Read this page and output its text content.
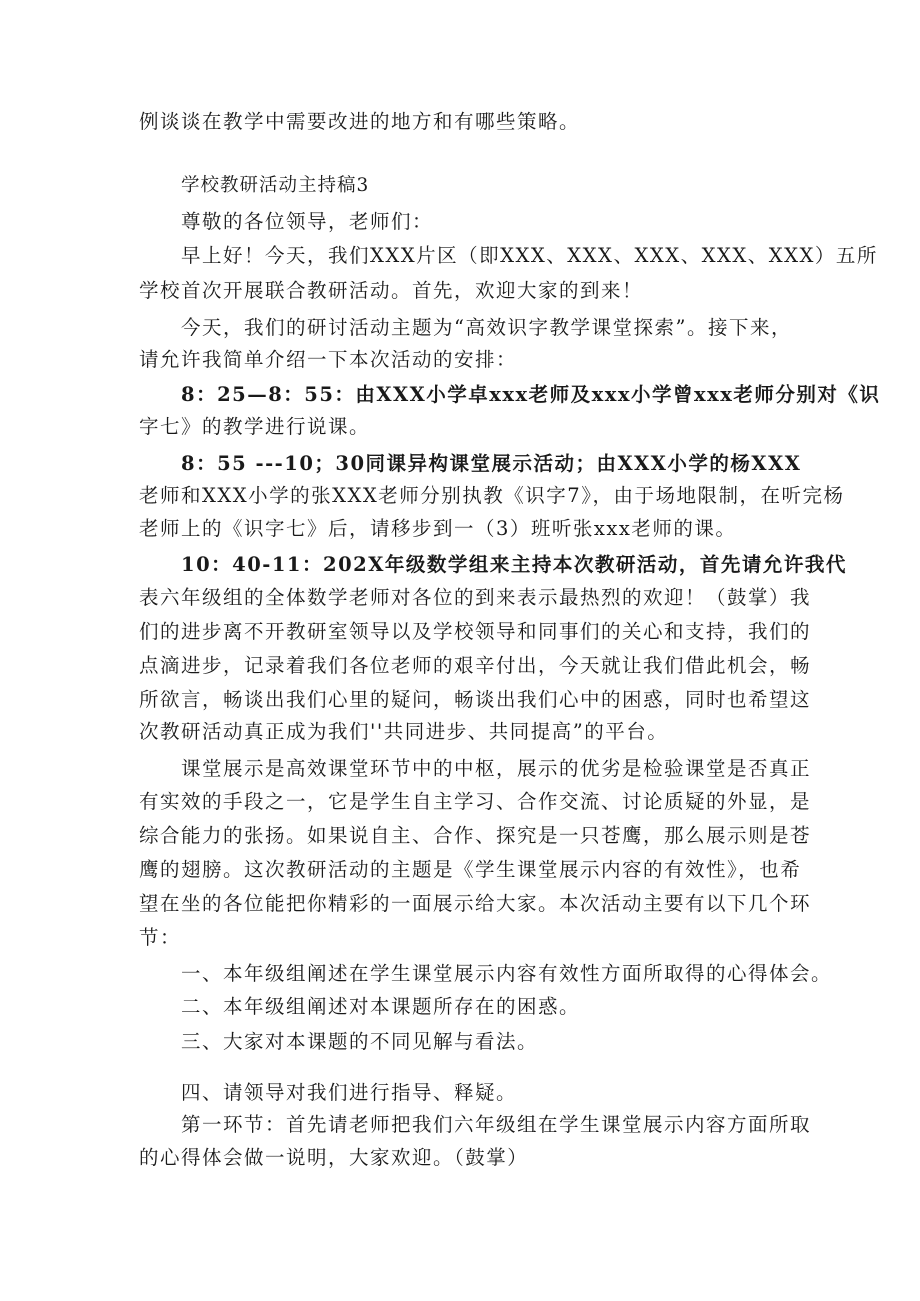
例谈谈在教学中需要改进的地方和有哪些策略。
学校教研活动主持稿3
尊敬的各位领导，老师们：
早上好！今天，我们XXX片区（即XXX、XXX、XXX、XXX、XXX）五所
学校首次开展联合教研活动。首先，欢迎大家的到来！
今天，我们的研讨活动主题为“高效识字教学课堂探索”。接下来，
请允许我简单介绍一下本次活动的安排：
8：25—8：55：由XXX小学卓xxx老师及xxx小学曾xxx老师分别对《识
字七》的教学进行说课。
8：55 ---10；30同课异构课堂展示活动；由XXX小学的杨XXX
老师和XXX小学的张XXX老师分别执教《识字7》，由于场地限制，在听完杨
老师上的《识字七》后，请移步到一（3）班听张xxx老师的课。
10：40-11：202X年级数学组来主持本次教研活动，首先请允许我代
表六年级组的全体数学老师对各位的到来表示最热烈的欢迎！（鼓掌）我
们的进步离不开教研室领导以及学校领导和同事们的关心和支持，我们的
点滴进步，记录着我们各位老师的艰辛付出，今天就让我们借此机会，畅
所欲言，畅谈出我们心里的疑问，畅谈出我们心中的困惑，同时也希望这
次教研活动真正成为我们''共同进步、共同提高”的平台。
课堂展示是高效课堂环节中的中枢，展示的优劣是检验课堂是否真正
有实效的手段之一，它是学生自主学习、合作交流、讨论质疑的外显，是
综合能力的张扬。如果说自主、合作、探究是一只苍鹰，那么展示则是苍
鹰的翅膀。这次教研活动的主题是《学生课堂展示内容的有效性》，也希
望在坐的各位能把你精彩的一面展示给大家。本次活动主要有以下几个环
节：
一、本年级组阐述在学生课堂展示内容有效性方面所取得的心得体会。
二、本年级组阐述对本课题所存在的困惑。
三、大家对本课题的不同见解与看法。
四、请领导对我们进行指导、释疑。
第一环节：首先请老师把我们六年级组在学生课堂展示内容方面所取
的心得体会做一说明，大家欢迎。（鼓掌）
